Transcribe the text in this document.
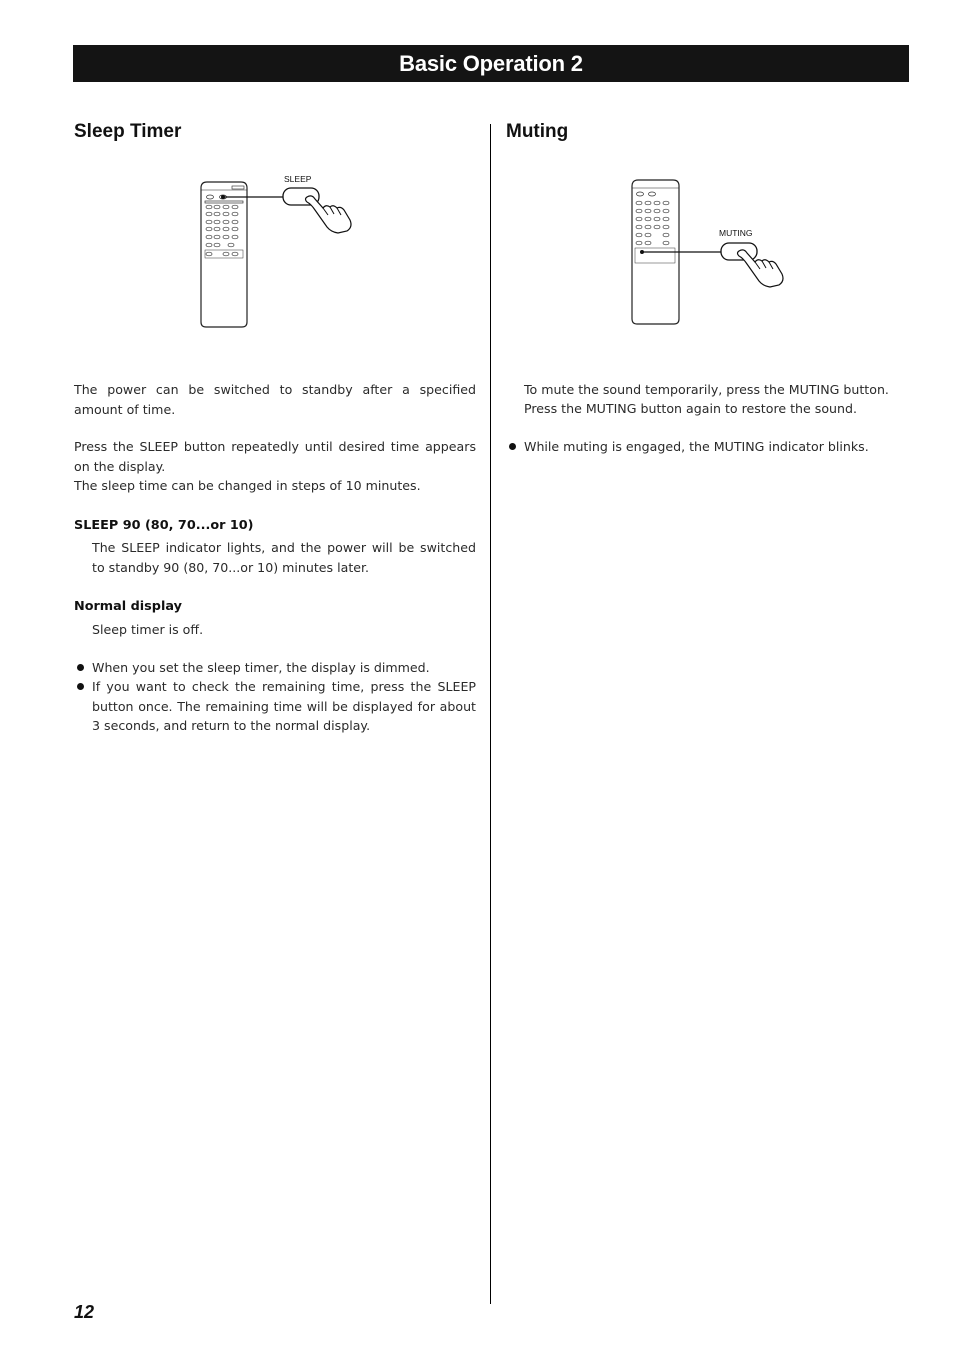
Basic Operation 2
Sleep Timer
SLEEP

The power can be switched to standby after a specified amount of time.

Press the SLEEP button repeatedly until desired time appears on the display.

The sleep time can be changed in steps of 10 minutes.

SLEEP 90 (80, 70...or 10)

The SLEEP indicator lights, and the power will be switched to standby 90 (80, 70...or 10) minutes later.

Normal display

Sleep timer is off.

When you set the sleep timer, the display is dimmed.
If you want to check the remaining time, press the SLEEP button once. The remaining time will be displayed for about 3 seconds, and return to the normal display.
Muting
MUTING

To mute the sound temporarily, press the MUTING button.

Press the MUTING button again to restore the sound.

While muting is engaged, the MUTING indicator blinks.
12
